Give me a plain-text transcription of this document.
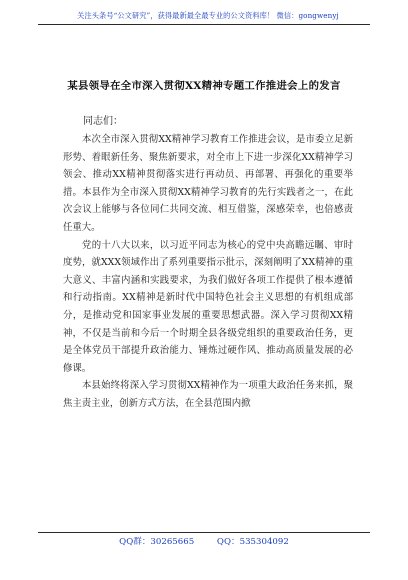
关注头条号“公文研究”，获得最新最全最专业的公文资料库！ 微信：gongwenyj
某县领导在全市深入贯彻XX精神专题工作推进会上的发言

同志们：

本次全市深入贯彻XX精神学习教育工作推进会议，是市委立足新形势、着眼新任务、聚焦新要求，对全市上下进一步深化XX精神学习领会、推动XX精神贯彻落实进行再动员、再部署、再强化的重要举措。本县作为全市深入贯彻XX精神学习教育的先行实践者之一，在此次会议上能够与各位同仁共同交流、相互借鉴，深感荣幸，也倍感责任重大。

党的十八大以来，以习近平同志为核心的党中央高瞻远瞩、审时度势，就XXX领域作出了系列重要指示批示，深刻阐明了XX精神的重大意义、丰富内涵和实践要求，为我们做好各项工作提供了根本遵循和行动指南。XX精神是新时代中国特色社会主义思想的有机组成部分，是推动党和国家事业发展的重要思想武器。深入学习贯彻XX精神，不仅是当前和今后一个时期全县各级党组织的重要政治任务，更是全体党员干部提升政治能力、锤炼过硬作风、推动高质量发展的必修课。

本县始终将深入学习贯彻XX精神作为一项重大政治任务来抓，聚焦主责主业，创新方式方法，在全县范围内掀

QQ群：30265665	QQ：535304092
